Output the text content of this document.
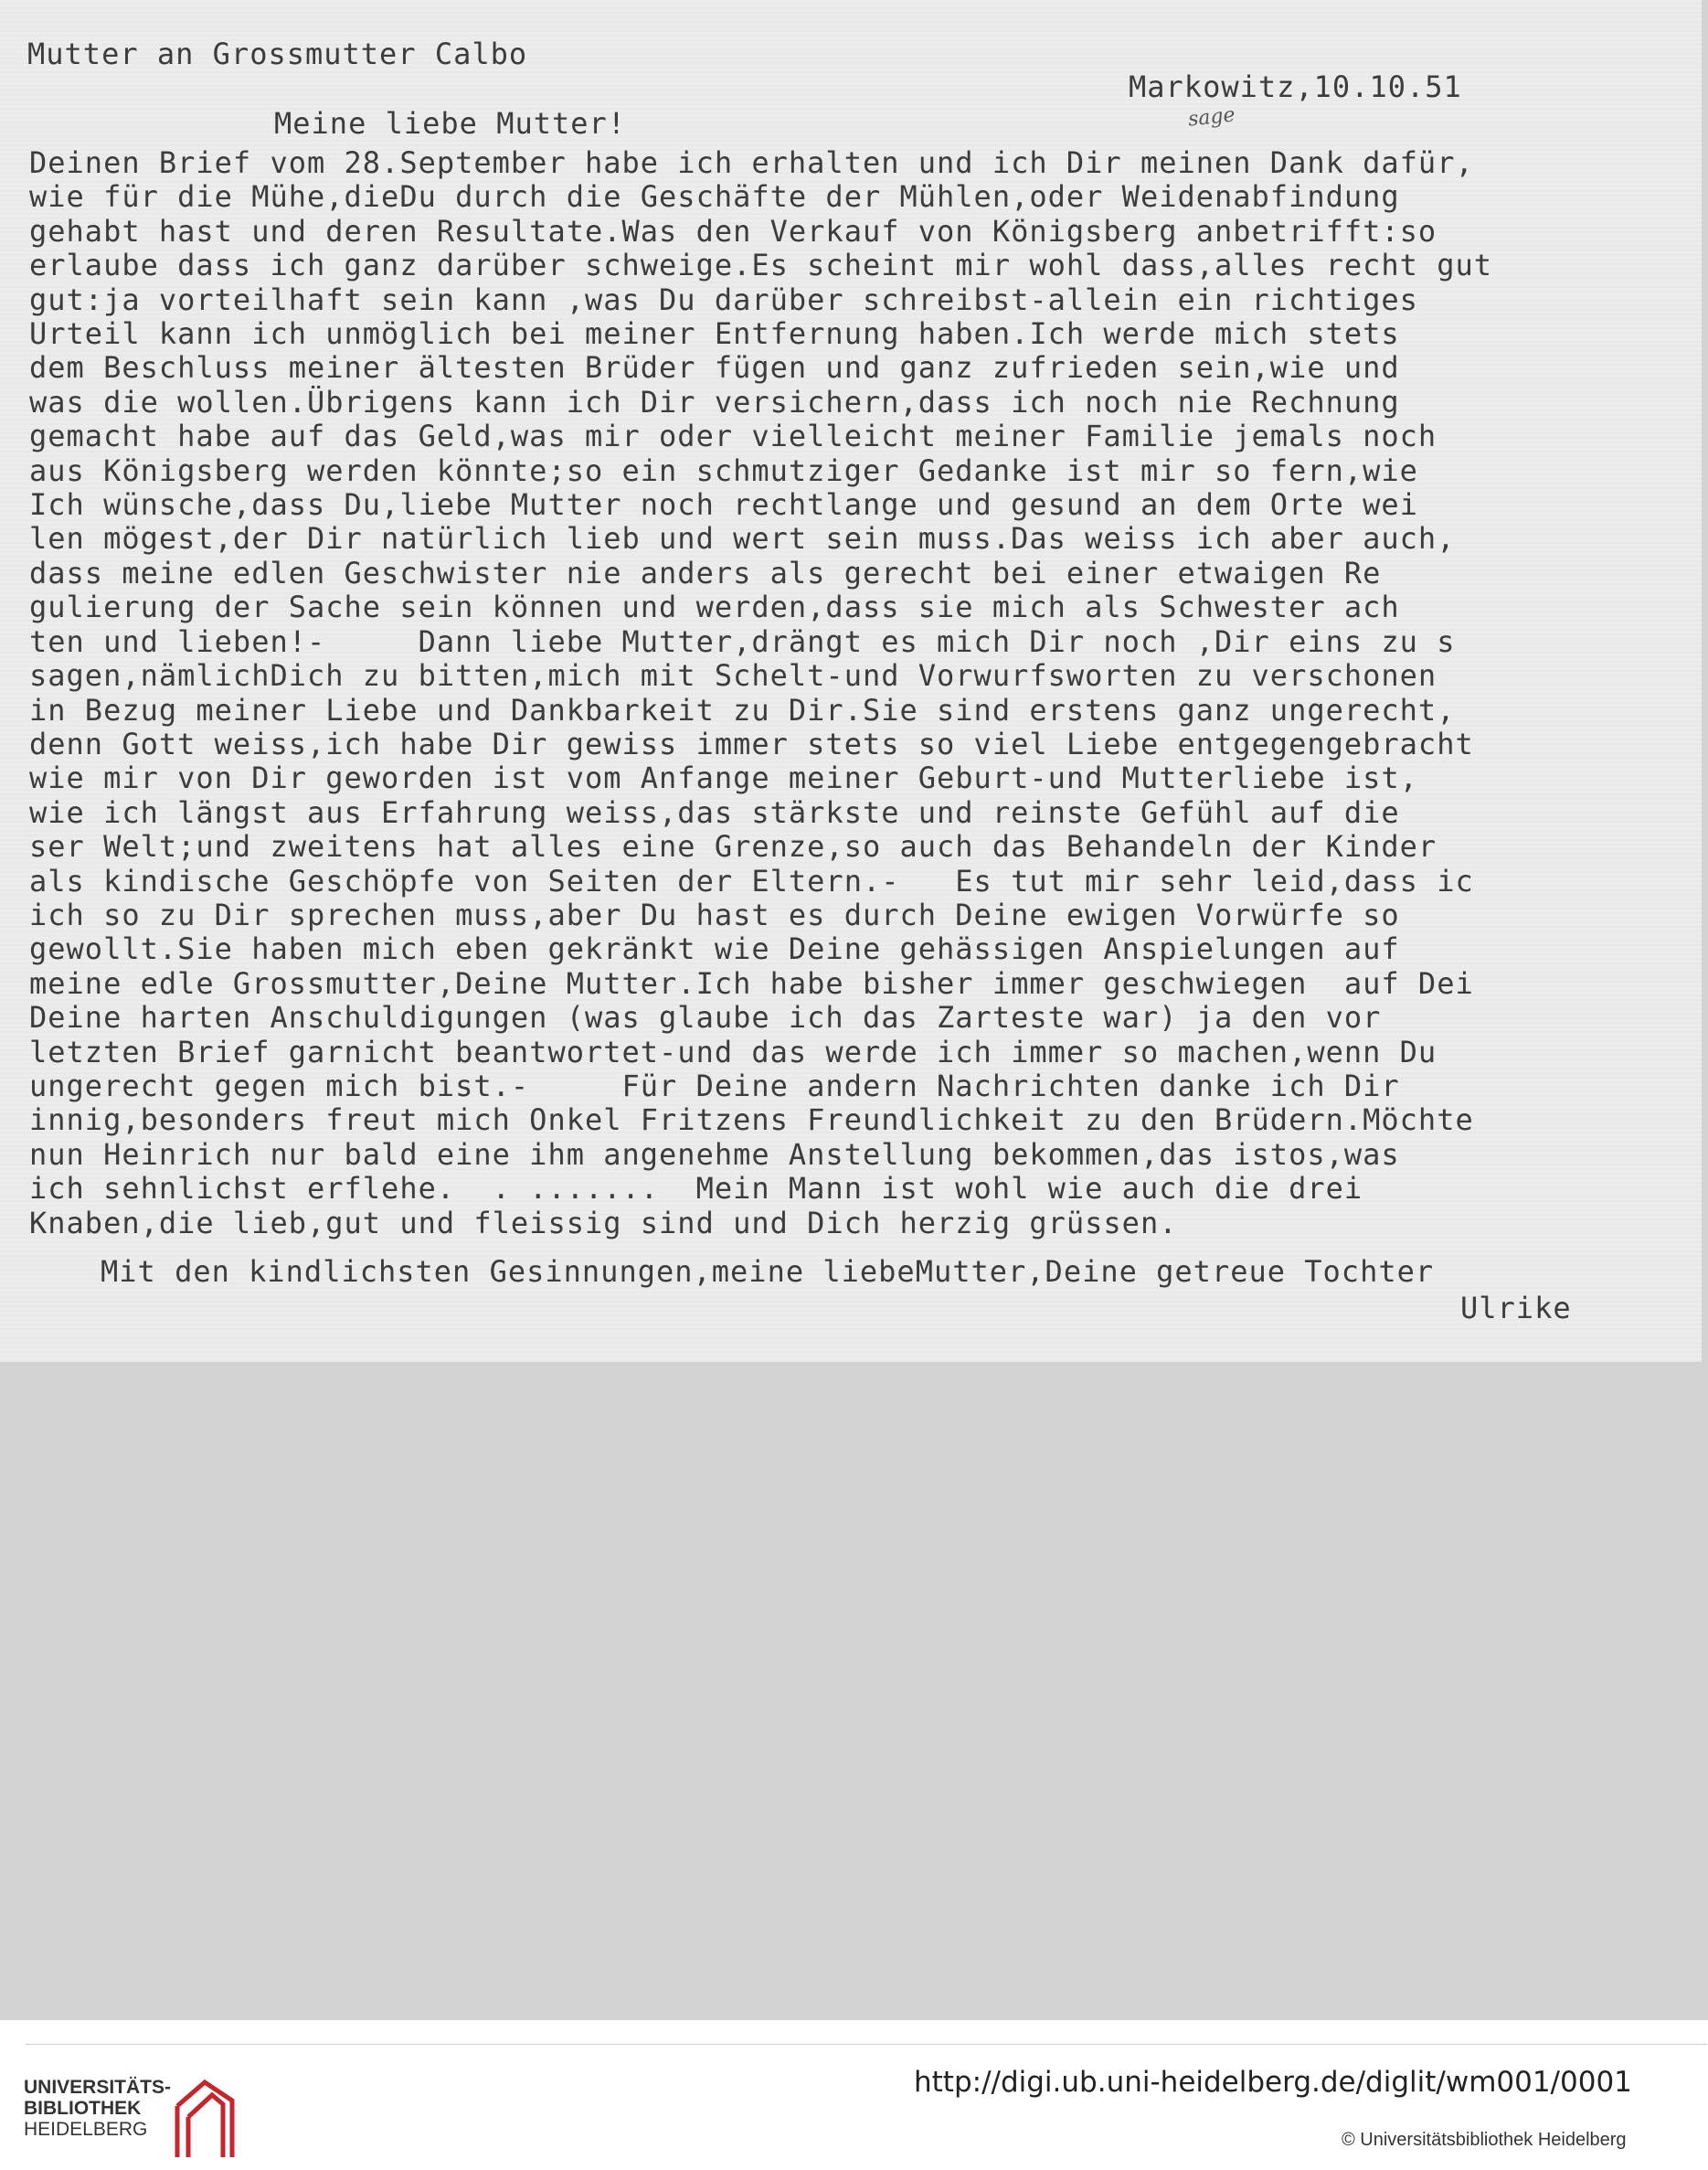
Mutter an Grossmutter Calbo

Markowitz,10.10.51

sage

Meine liebe Mutter!

Deinen Brief vom 28.September habe ich erhalten und ich Dir meinen Dank dafür,
wie für die Mühe,dieDu durch die Geschäfte der Mühlen,oder Weidenabfindung
gehabt hast und deren Resultate.Was den Verkauf von Königsberg anbetrifft:so
erlaube dass ich ganz darüber schweige.Es scheint mir wohl dass,alles recht gut
gut:ja vorteilhaft sein kann ,was Du darüber schreibst-allein ein richtiges
Urteil kann ich unmöglich bei meiner Entfernung haben.Ich werde mich stets
dem Beschluss meiner ältesten Brüder fügen und ganz zufrieden sein,wie und
was die wollen.Übrigens kann ich Dir versichern,dass ich noch nie Rechnung
gemacht habe auf das Geld,was mir oder vielleicht meiner Familie jemals noch
aus Königsberg werden könnte;so ein schmutziger Gedanke ist mir so fern,wie
Ich wünsche,dass Du,liebe Mutter noch rechtlange und gesund an dem Orte wei
len mögest,der Dir natürlich lieb und wert sein muss.Das weiss ich aber auch,
dass meine edlen Geschwister nie anders als gerecht bei einer etwaigen Re
gulierung der Sache sein können und werden,dass sie mich als Schwester ach
ten und lieben!-     Dann liebe Mutter,drängt es mich Dir noch ,Dir eins zu s
sagen,nämlichDich zu bitten,mich mit Schelt-und Vorwurfsworten zu verschonen
in Bezug meiner Liebe und Dankbarkeit zu Dir.Sie sind erstens ganz ungerecht,
denn Gott weiss,ich habe Dir gewiss immer stets so viel Liebe entgegengebracht
wie mir von Dir geworden ist vom Anfange meiner Geburt-und Mutterliebe ist,
wie ich längst aus Erfahrung weiss,das stärkste und reinste Gefühl auf die
ser Welt;und zweitens hat alles eine Grenze,so auch das Behandeln der Kinder
als kindische Geschöpfe von Seiten der Eltern.-   Es tut mir sehr leid,dass ic
ich so zu Dir sprechen muss,aber Du hast es durch Deine ewigen Vorwürfe so
gewollt.Sie haben mich eben gekränkt wie Deine gehässigen Anspielungen auf
meine edle Grossmutter,Deine Mutter.Ich habe bisher immer geschwiegen  auf Dei
Deine harten Anschuldigungen (was glaube ich das Zarteste war) ja den vor
letzten Brief garnicht beantwortet-und das werde ich immer so machen,wenn Du
ungerecht gegen mich bist.-     Für Deine andern Nachrichten danke ich Dir
innig,besonders freut mich Onkel Fritzens Freundlichkeit zu den Brüdern.Möchte
nun Heinrich nur bald eine ihm angenehme Anstellung bekommen,das istos,was
ich sehnlichst erflehe.  . .......  Mein Mann ist wohl wie auch die drei
Knaben,die lieb,gut und fleissig sind und Dich herzig grüssen.

Mit den kindlichsten Gesinnungen,meine liebeMutter,Deine getreue Tochter

Ulrike

UNIVERSITÄTS-
BIBLIOTHEK
HEIDELBERG
http://digi.ub.uni-heidelberg.de/diglit/wm001/0001
© Universitätsbibliothek Heidelberg
